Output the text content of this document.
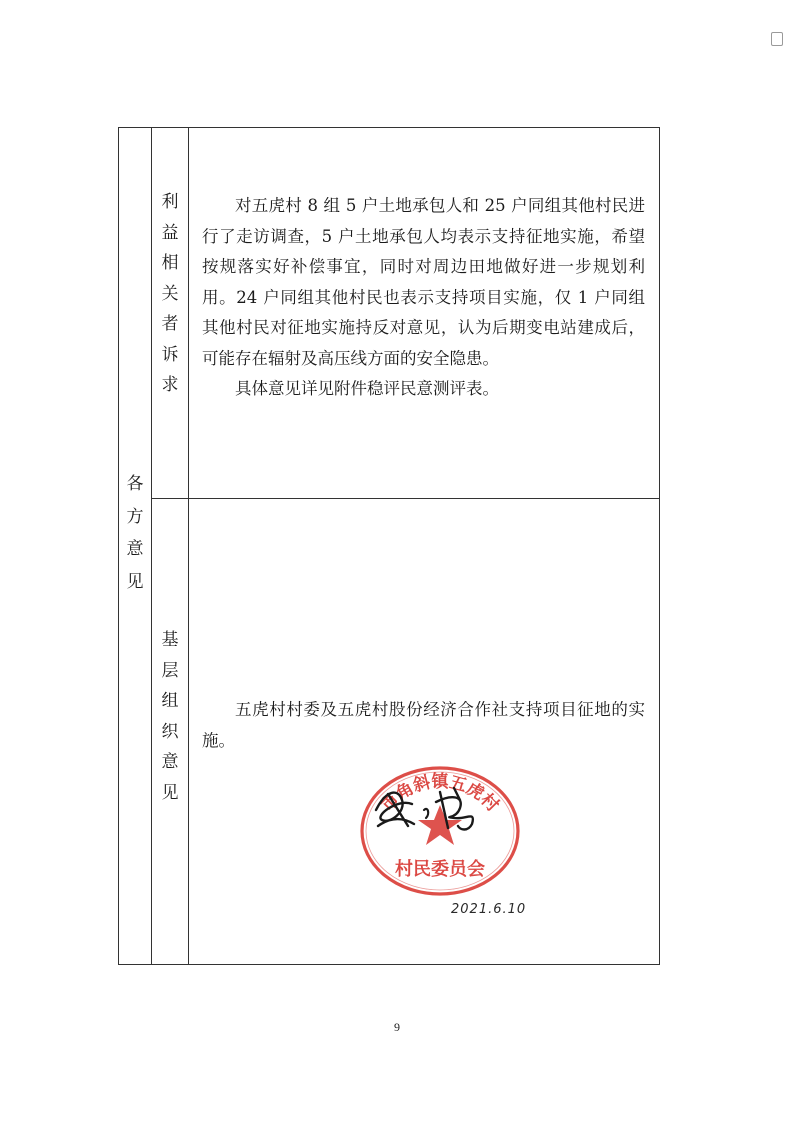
各
方
意
见
利
益
相
关
者
诉
求

对五虎村 8 组 5 户土地承包人和 25 户同组其他村民进行了走访调查，5 户土地承包人均表示支持征地实施，希望按规落实好补偿事宜，同时对周边田地做好进一步规划利用。24 户同组其他村民也表示支持项目实施，仅 1 户同组其他村民对征地实施持反对意见，认为后期变电站建成后，可能存在辐射及高压线方面的安全隐患。

具体意见详见附件稳评民意测评表。

基
层
组
织
意
见

五虎村村委及五虎村股份经济合作社支持项目征地的实施。

市角斜镇五虎村
村民委员会
2021.6.10
9
